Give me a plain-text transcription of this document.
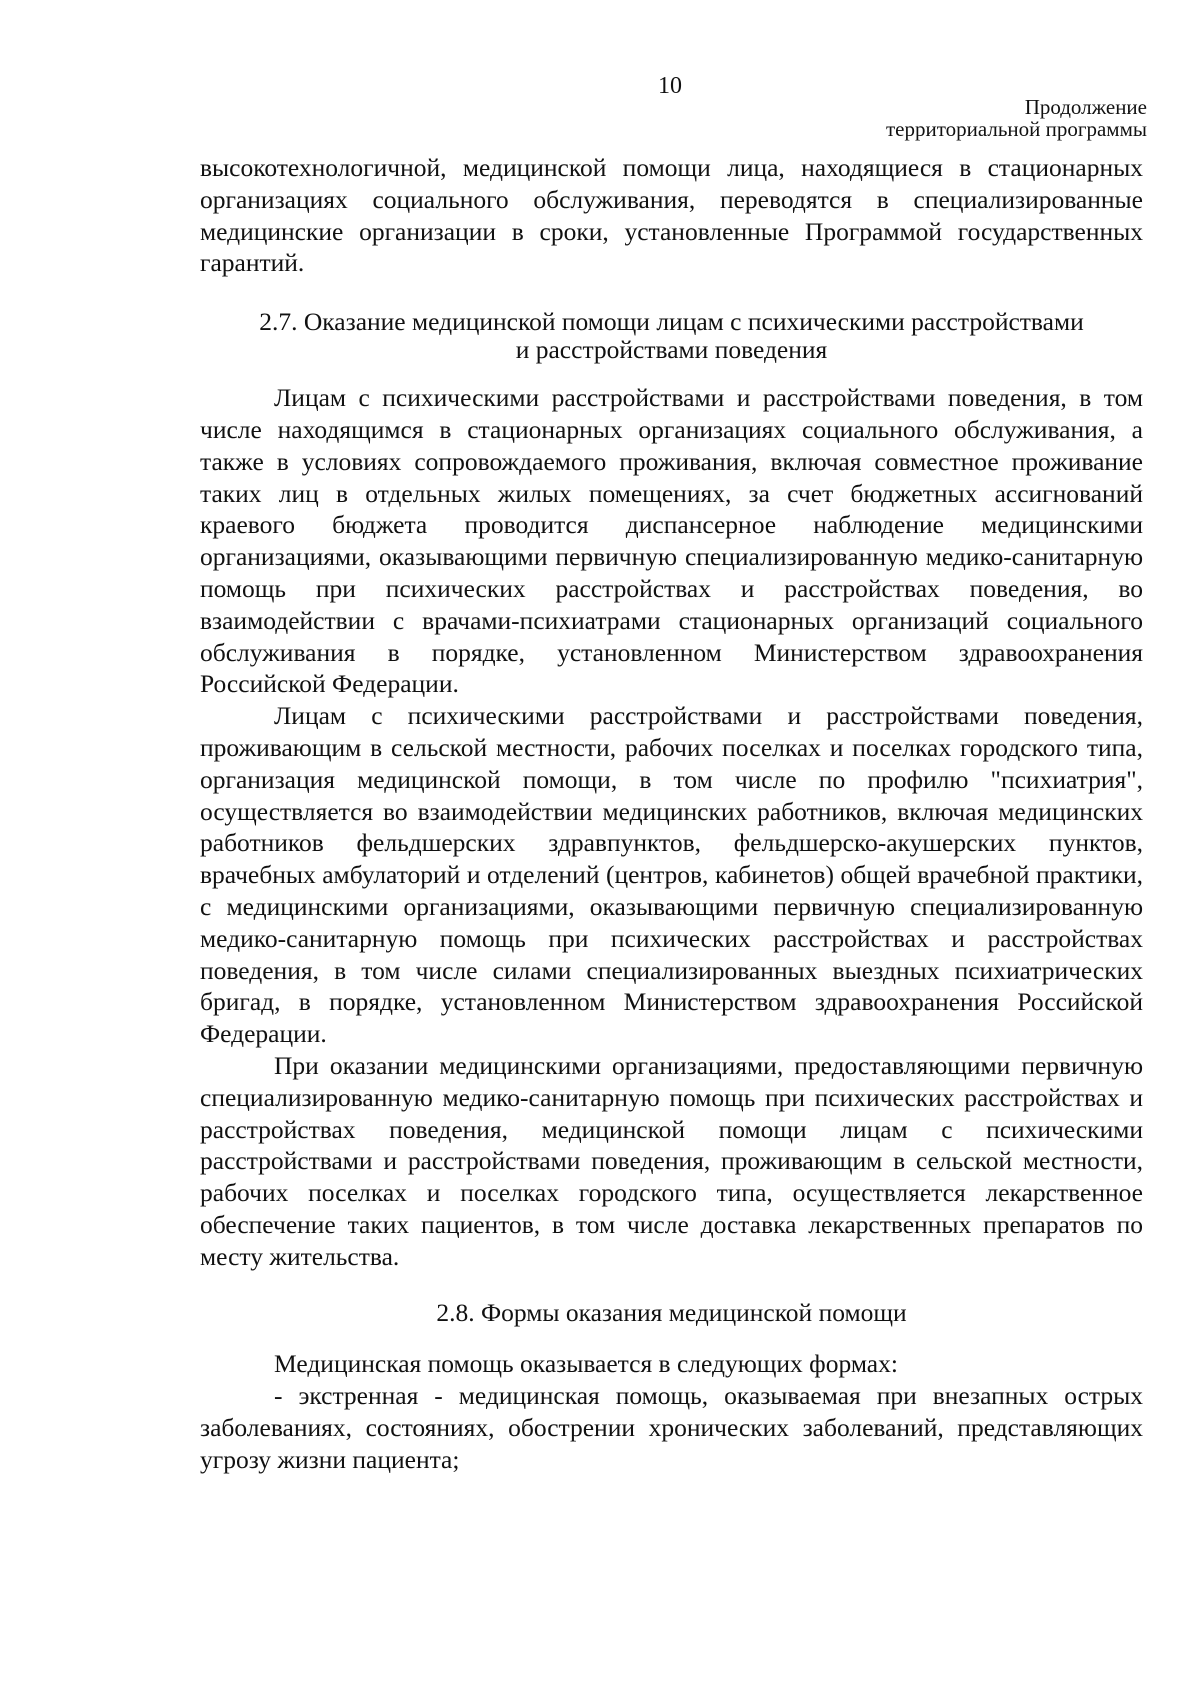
10
Продолжение
территориальной программы

высокотехнологичной, медицинской помощи лица, находящиеся в стационарных организациях социального обслуживания, переводятся в специализированные медицинские организации в сроки, установленные Программой государственных гарантий.

2.7. Оказание медицинской помощи лицам с психическими расстройствами
и расстройствами поведения

Лицам с психическими расстройствами и расстройствами поведения, в том числе находящимся в стационарных организациях социального обслуживания, а также в условиях сопровождаемого проживания, включая совместное проживание таких лиц в отдельных жилых помещениях, за счет бюджетных ассигнований краевого бюджета проводится диспансерное наблюдение медицинскими организациями, оказывающими первичную специализированную медико-санитарную помощь при психических расстройствах и расстройствах поведения, во взаимодействии с врачами-психиатрами стационарных организаций социального обслуживания в порядке, установленном Министерством здравоохранения Российской Федерации.

Лицам с психическими расстройствами и расстройствами поведения, проживающим в сельской местности, рабочих поселках и поселках городского типа, организация медицинской помощи, в том числе по профилю "психиатрия", осуществляется во взаимодействии медицинских работников, включая медицинских работников фельдшерских здравпунктов, фельдшерско-акушерских пунктов, врачебных амбулаторий и отделений (центров, кабинетов) общей врачебной практики, с медицинскими организациями, оказывающими первичную специализированную медико-санитарную помощь при психических расстройствах и расстройствах поведения, в том числе силами специализированных выездных психиатрических бригад, в порядке, установленном Министерством здравоохранения Российской Федерации.

При оказании медицинскими организациями, предоставляющими первичную специализированную медико-санитарную помощь при психических расстройствах и расстройствах поведения, медицинской помощи лицам с психическими расстройствами и расстройствами поведения, проживающим в сельской местности, рабочих поселках и поселках городского типа, осуществляется лекарственное обеспечение таких пациентов, в том числе доставка лекарственных препаратов по месту жительства.

2.8. Формы оказания медицинской помощи

Медицинская помощь оказывается в следующих формах:

- экстренная - медицинская помощь, оказываемая при внезапных острых заболеваниях, состояниях, обострении хронических заболеваний, представляющих угрозу жизни пациента;
